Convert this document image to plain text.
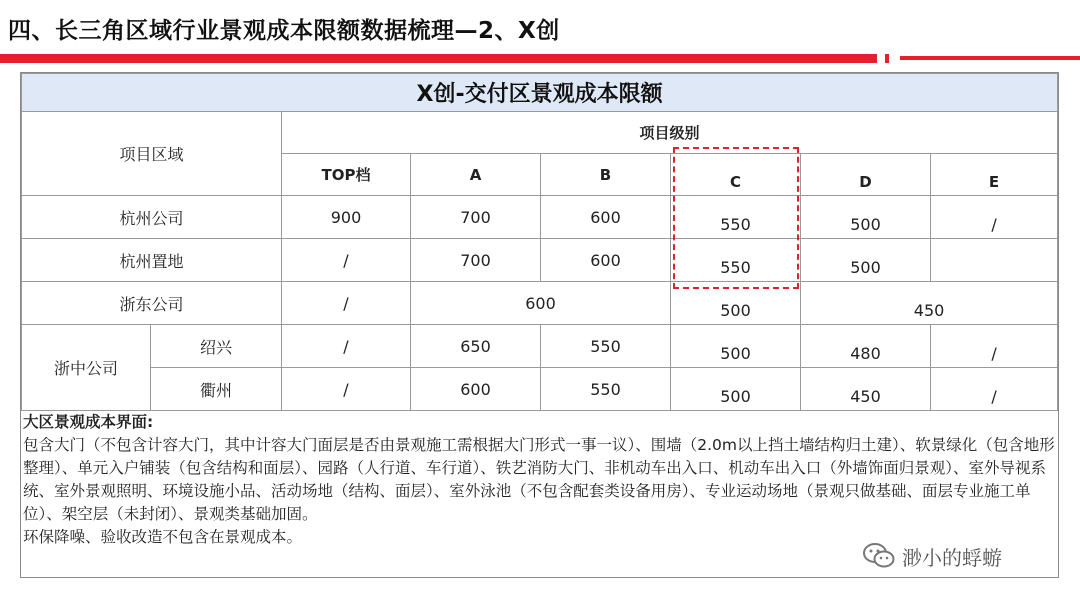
四、长三角区域行业景观成本限额数据梳理—2、X创
X创-交付区景观成本限额							
项目区域		项目级别					
		TOP档	A	B	C	D	E
杭州公司		900	700	600	550	500	/
杭州置地		/	700	600	550	500	
浙东公司		/	600		500	450	
浙中公司	绍兴	/	650	550	500	480	/
	衢州	/	600	550	500	450	/
大区景观成本界面:
包含大门（不包含计容大门，其中计容大门面层是否由景观施工需根据大门形式一事一议）、围墙（2.0m以上挡土墙结构归土建）、软景绿化（包含地形整理）、单元入户铺装（包含结构和面层）、园路（人行道、车行道）、铁艺消防大门、非机动车出入口、机动车出入口（外墙饰面归景观）、室外导视系统、室外景观照明、环境设施小品、活动场地（结构、面层）、室外泳池（不包含配套类设备用房）、专业运动场地（景观只做基础、面层专业施工单位）、架空层（未封闭）、景观类基础加固。
环保降噪、验收改造不包含在景观成本。
渺小的蜉蝣
